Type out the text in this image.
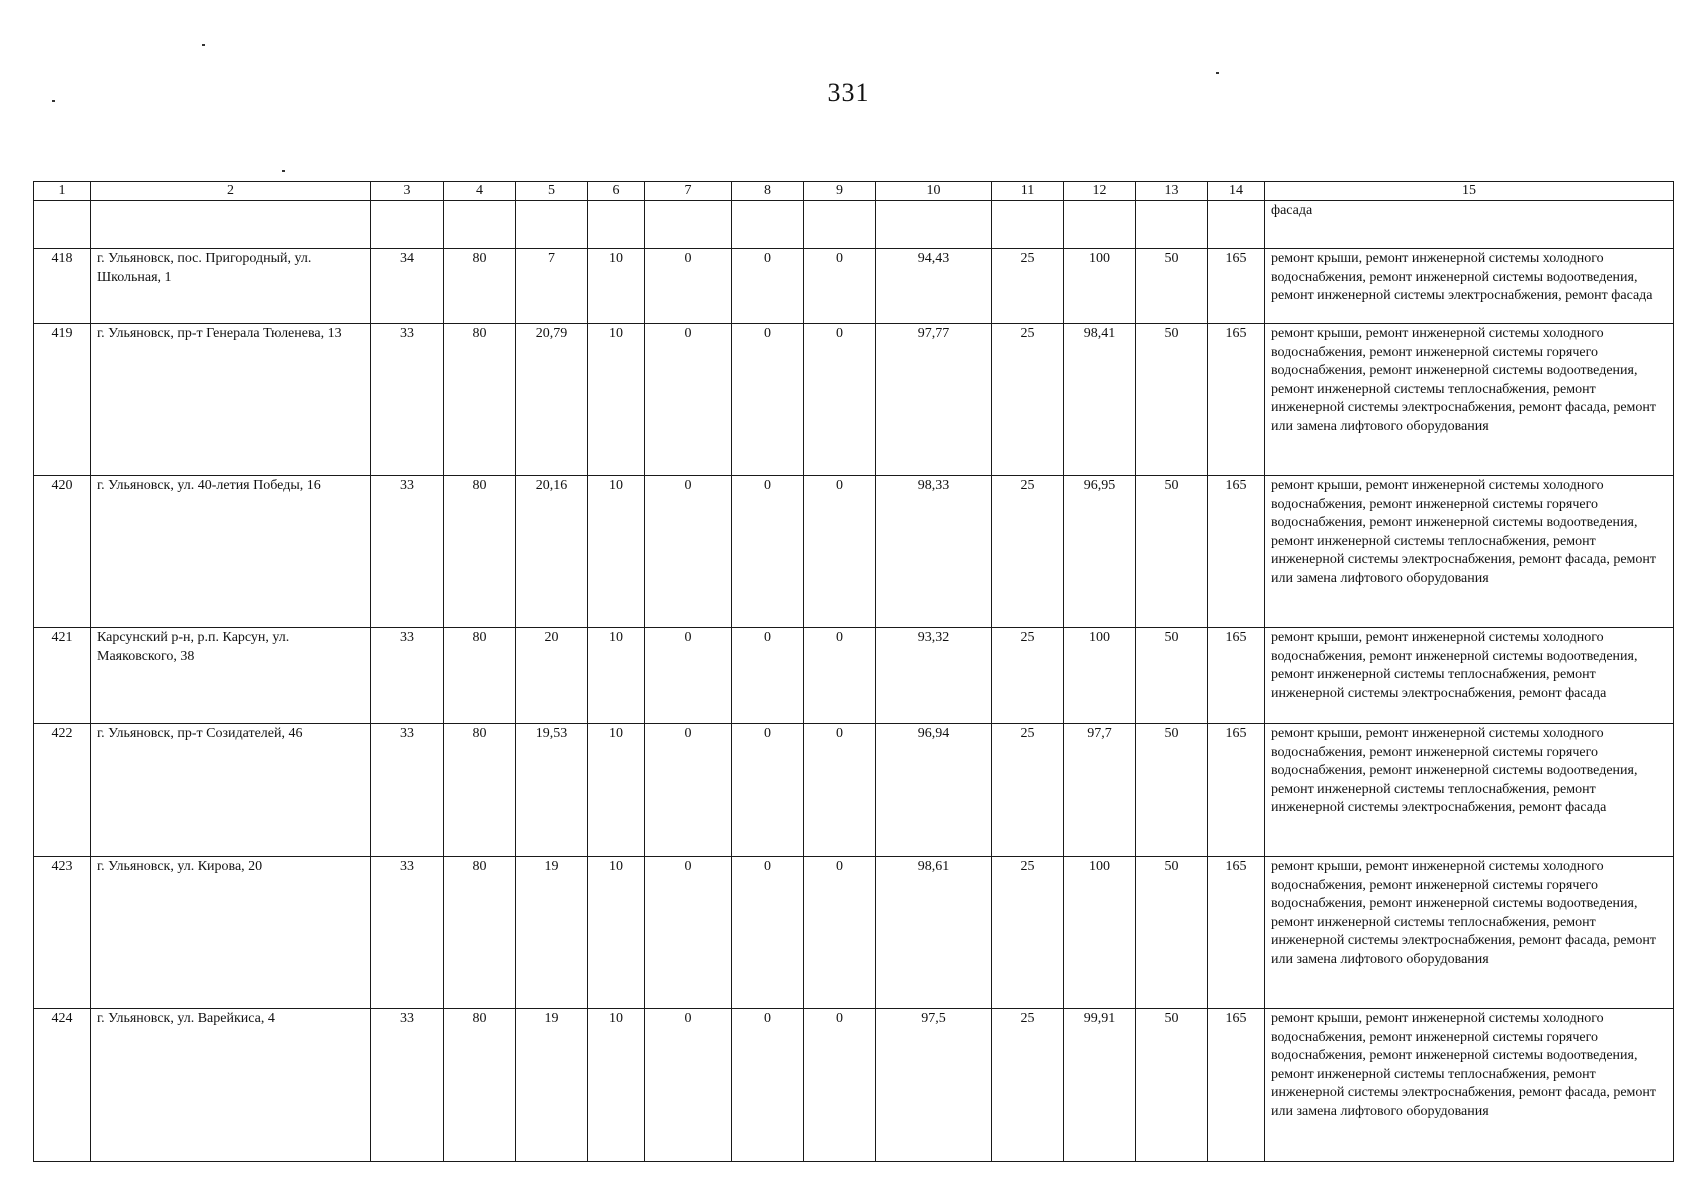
331
1	2	3	4	5	6	7	8	9	10	11	12	13	14	15
														фасада
418	г. Ульяновск, пос. Пригородный, ул. Школьная, 1	34	80	7	10	0	0	0	94,43	25	100	50	165	ремонт крыши, ремонт инженерной системы холодного водоснабжения, ремонт инженерной системы водоотведения, ремонт инженерной системы электроснабжения, ремонт фасада
419	г. Ульяновск, пр-т Генерала Тюленева, 13	33	80	20,79	10	0	0	0	97,77	25	98,41	50	165	ремонт крыши, ремонт инженерной системы холодного водоснабжения, ремонт инженерной системы горячего водоснабжения, ремонт инженерной системы водоотведения, ремонт инженерной системы теплоснабжения, ремонт инженерной системы электроснабжения, ремонт фасада, ремонт или замена лифтового оборудования
420	г. Ульяновск, ул. 40-летия Победы, 16	33	80	20,16	10	0	0	0	98,33	25	96,95	50	165	ремонт крыши, ремонт инженерной системы холодного водоснабжения, ремонт инженерной системы горячего водоснабжения, ремонт инженерной системы водоотведения, ремонт инженерной системы теплоснабжения, ремонт инженерной системы электроснабжения, ремонт фасада, ремонт или замена лифтового оборудования
421	Карсунский р-н, р.п. Карсун, ул. Маяковского, 38	33	80	20	10	0	0	0	93,32	25	100	50	165	ремонт крыши, ремонт инженерной системы холодного водоснабжения, ремонт инженерной системы водоотведения, ремонт инженерной системы теплоснабжения, ремонт инженерной системы электроснабжения, ремонт фасада
422	г. Ульяновск, пр-т Созидателей, 46	33	80	19,53	10	0	0	0	96,94	25	97,7	50	165	ремонт крыши, ремонт инженерной системы холодного водоснабжения, ремонт инженерной системы горячего водоснабжения, ремонт инженерной системы водоотведения, ремонт инженерной системы теплоснабжения, ремонт инженерной системы электроснабжения, ремонт фасада
423	г. Ульяновск, ул. Кирова, 20	33	80	19	10	0	0	0	98,61	25	100	50	165	ремонт крыши, ремонт инженерной системы холодного водоснабжения, ремонт инженерной системы горячего водоснабжения, ремонт инженерной системы водоотведения, ремонт инженерной системы теплоснабжения, ремонт инженерной системы электроснабжения, ремонт фасада, ремонт или замена лифтового оборудования
424	г. Ульяновск, ул. Варейкиса, 4	33	80	19	10	0	0	0	97,5	25	99,91	50	165	ремонт крыши, ремонт инженерной системы холодного водоснабжения, ремонт инженерной системы горячего водоснабжения, ремонт инженерной системы водоотведения, ремонт инженерной системы теплоснабжения, ремонт инженерной системы электроснабжения, ремонт фасада, ремонт или замена лифтового оборудования
